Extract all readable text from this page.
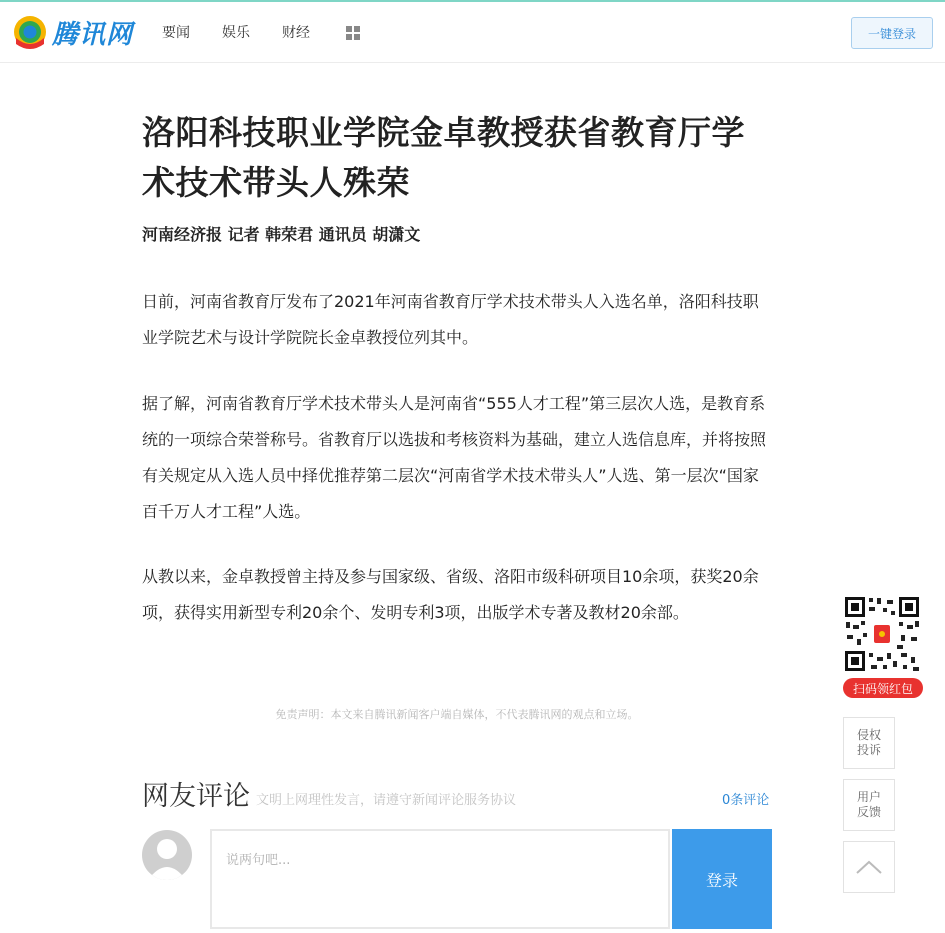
腾讯网 要闻 娱乐 财经	一键登录
洛阳科技职业学院金卓教授获省教育厅学术技术带头人殊荣
河南经济报 记者 韩荣君 通讯员 胡潇文
日前，河南省教育厅发布了2021年河南省教育厅学术技术带头人入选名单，洛阳科技职业学院艺术与设计学院院长金卓教授位列其中。
据了解，河南省教育厅学术技术带头人是河南省“555人才工程”第三层次人选，是教育系统的一项综合荣誉称号。省教育厅以选拔和考核资料为基础，建立人选信息库，并将按照有关规定从入选人员中择优推荐第二层次“河南省学术技术带头人”人选、第一层次“国家百千万人才工程”人选。
从教以来，金卓教授曾主持及参与国家级、省级、洛阳市级科研项目10余项，获奖20余项，获得实用新型专利20余个、发明专利3项，出版学术专著及教材20余部。
免责声明：本文来自腾讯新闻客户端自媒体，不代表腾讯网的观点和立场。
网友评论 文明上网理性发言，请遵守新闻评论服务协议	0条评论
说两句吧...
登录
扫码领红包
侵权投诉
用户反馈
